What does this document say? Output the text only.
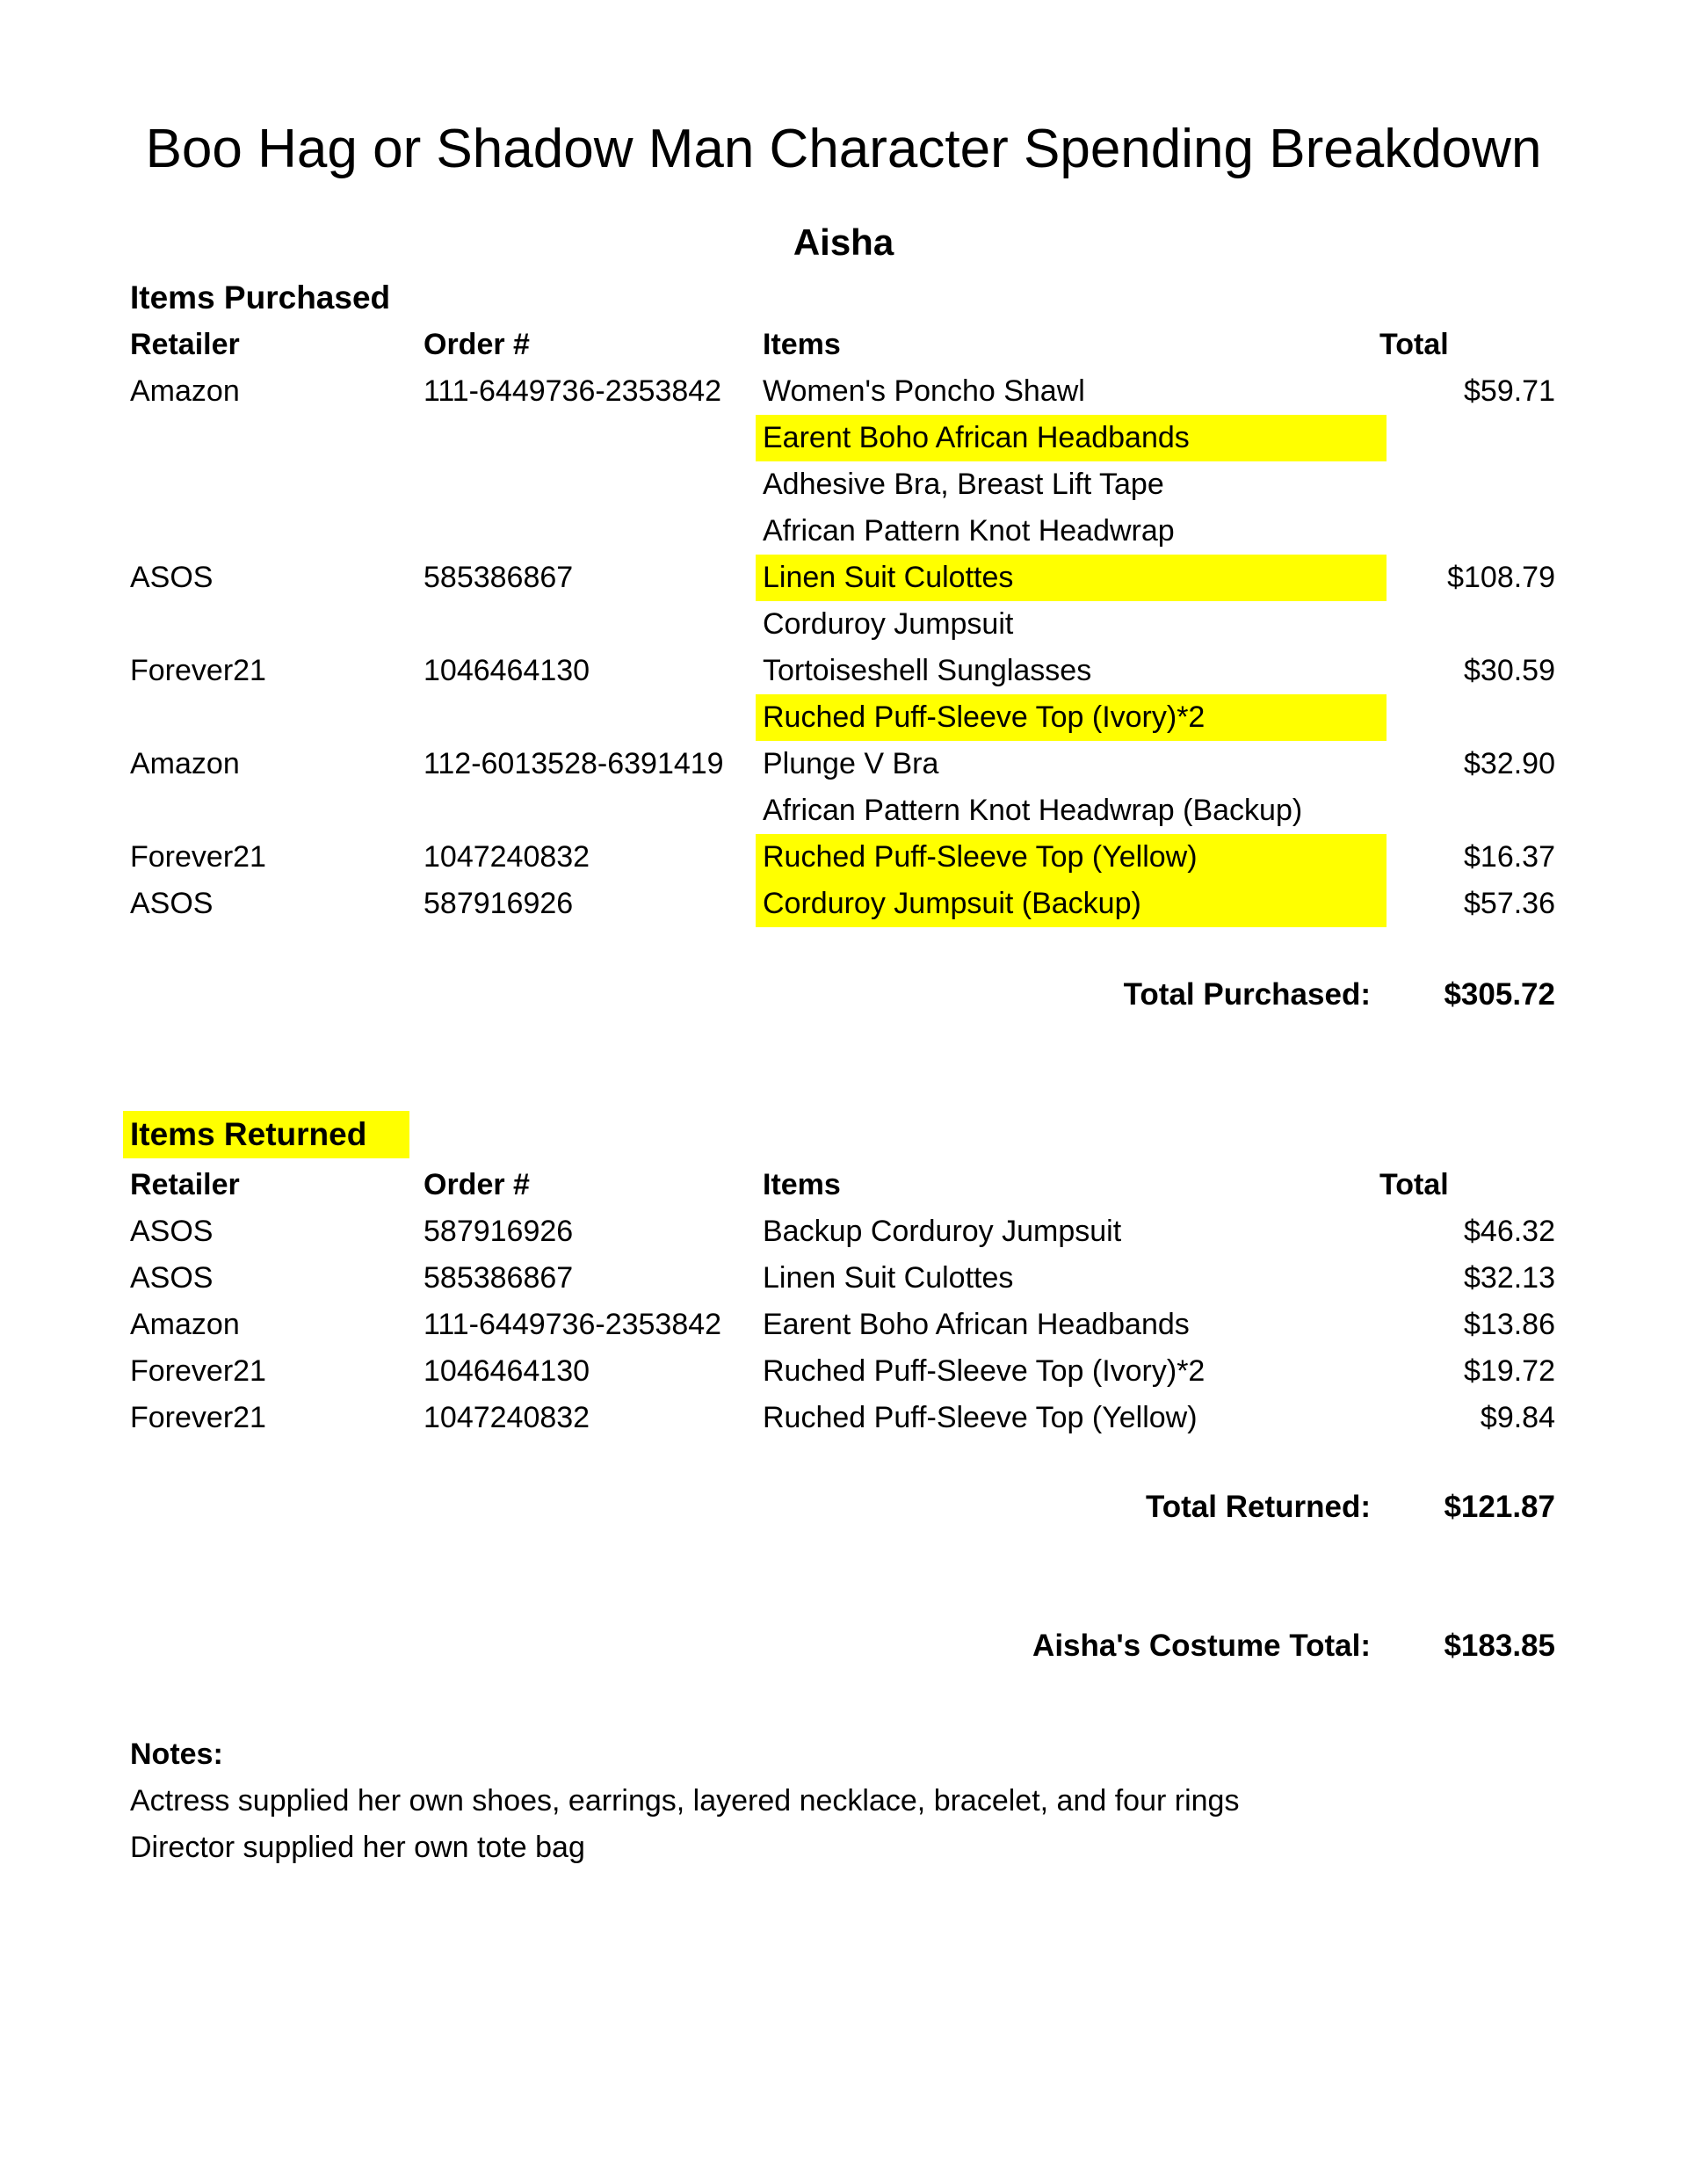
Boo Hag or Shadow Man Character Spending Breakdown
Aisha
Items Purchased
Retailer	Order #	Items	Total
Amazon	111-6449736-2353842 Women's Poncho Shawl	$59.71
Earent Boho African Headbands
Adhesive Bra, Breast Lift Tape
African Pattern Knot Headwrap
ASOS	585386867	Linen Suit Culottes	$108.79
Corduroy Jumpsuit
Forever21	1046464130	Tortoiseshell Sunglasses	$30.59
Ruched Puff-Sleeve Top (Ivory)*2
Amazon	112-6013528-6391419 Plunge V Bra	$32.90
African Pattern Knot Headwrap (Backup)
Forever21	1047240832	Ruched Puff-Sleeve Top (Yellow)	$16.37
ASOS	587916926	Corduroy Jumpsuit (Backup)	$57.36
Total Purchased:	$305.72
Items Returned
Retailer	Order #	Items	Total
ASOS	587916926	Backup Corduroy Jumpsuit	$46.32
ASOS	585386867	Linen Suit Culottes	$32.13
Amazon	111-6449736-2353842 Earent Boho African Headbands	$13.86
Forever21	1046464130	Ruched Puff-Sleeve Top (Ivory)*2	$19.72
Forever21	1047240832	Ruched Puff-Sleeve Top (Yellow)	$9.84
Total Returned:	$121.87
Aisha's Costume Total:	$183.85
Notes:
Actress supplied her own shoes, earrings, layered necklace, bracelet, and four rings
Director supplied her own tote bag
